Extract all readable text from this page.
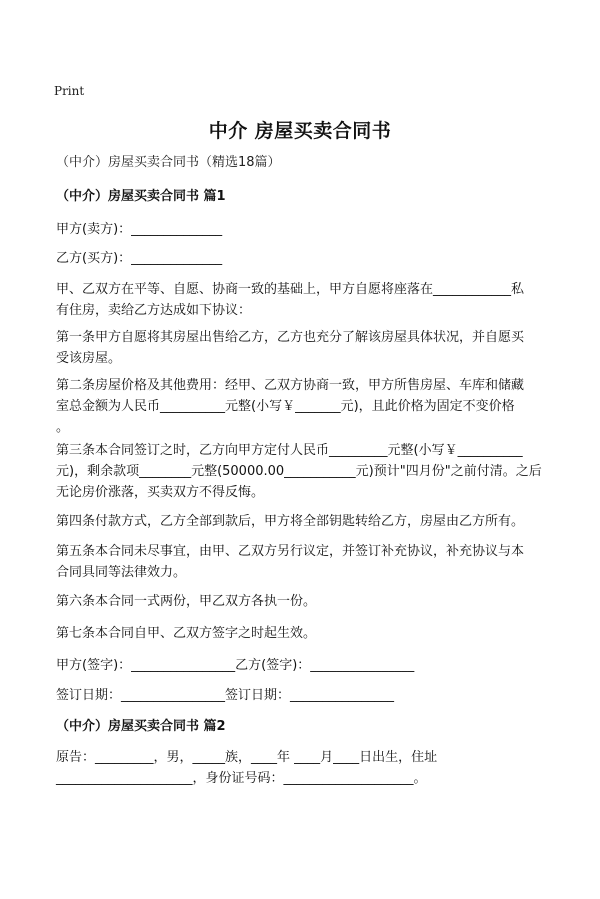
Print
中介 房屋买卖合同书
（中介）房屋买卖合同书（精选18篇）
（中介）房屋买卖合同书 篇1
甲方(卖方)：______________
乙方(买方)：______________
甲、乙双方在平等、自愿、协商一致的基础上，甲方自愿将座落在____________私
有住房，卖给乙方达成如下协议：
第一条甲方自愿将其房屋出售给乙方，乙方也充分了解该房屋具体状况，并自愿买
受该房屋。
第二条房屋价格及其他费用：经甲、乙双方协商一致，甲方所售房屋、车库和储藏
室总金额为人民币__________元整(小写￥_______元)，且此价格为固定不变价格
。
第三条本合同签订之时，乙方向甲方定付人民币_________元整(小写￥__________
元)，剩余款项________元整(50000.00___________元)预计"四月份"之前付清。之后
无论房价涨落，买卖双方不得反悔。
第四条付款方式，乙方全部到款后，甲方将全部钥匙转给乙方，房屋由乙方所有。
第五条本合同未尽事宜，由甲、乙双方另行议定，并签订补充协议，补充协议与本
合同具同等法律效力。
第六条本合同一式两份，甲乙双方各执一份。
第七条本合同自甲、乙双方签字之时起生效。
甲方(签字)：________________乙方(签字)：________________
签订日期：________________签订日期：________________
（中介）房屋买卖合同书 篇2
原告：_________，男，_____族，____年 ____月____日出生，住址
_____________________，身份证号码：____________________。
